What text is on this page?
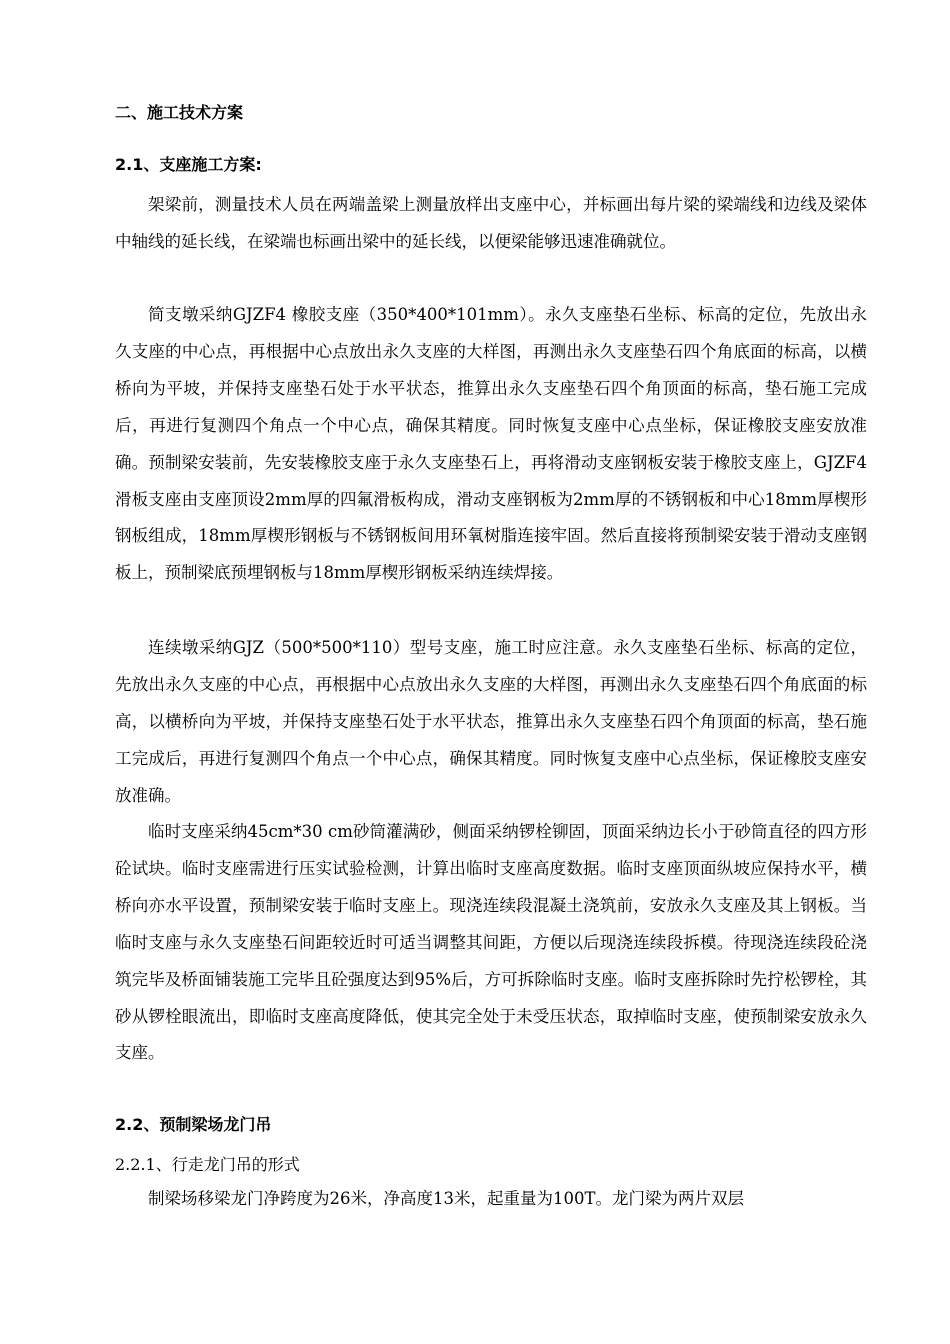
二、施工技术方案
2.1、支座施工方案:

架梁前，测量技术人员在两端盖梁上测量放样出支座中心，并标画出每片梁的梁端线和边线及梁体中轴线的延长线，在梁端也标画出梁中的延长线，以便梁能够迅速准确就位。

简支墩采纳GJZF4 橡胶支座（350*400*101mm）。永久支座垫石坐标、标高的定位，先放出永久支座的中心点，再根据中心点放出永久支座的大样图，再测出永久支座垫石四个角底面的标高，以横桥向为平坡，并保持支座垫石处于水平状态，推算出永久支座垫石四个角顶面的标高，垫石施工完成后，再进行复测四个角点一个中心点，确保其精度。同时恢复支座中心点坐标，保证橡胶支座安放准确。预制梁安装前，先安装橡胶支座于永久支座垫石上，再将滑动支座钢板安装于橡胶支座上，GJZF4滑板支座由支座顶设2mm厚的四氟滑板构成，滑动支座钢板为2mm厚的不锈钢板和中心18mm厚楔形钢板组成，18mm厚楔形钢板与不锈钢板间用环氧树脂连接牢固。然后直接将预制梁安装于滑动支座钢板上，预制梁底预埋钢板与18mm厚楔形钢板采纳连续焊接。

连续墩采纳GJZ（500*500*110）型号支座，施工时应注意。永久支座垫石坐标、标高的定位，先放出永久支座的中心点，再根据中心点放出永久支座的大样图，再测出永久支座垫石四个角底面的标高，以横桥向为平坡，并保持支座垫石处于水平状态，推算出永久支座垫石四个角顶面的标高，垫石施工完成后，再进行复测四个角点一个中心点，确保其精度。同时恢复支座中心点坐标，保证橡胶支座安放准确。

临时支座采纳45cm*30 cm砂筒灌满砂，侧面采纳锣栓铆固，顶面采纳边长小于砂筒直径的四方形砼试块。临时支座需进行压实试验检测，计算出临时支座高度数据。临时支座顶面纵坡应保持水平，横桥向亦水平设置，预制梁安装于临时支座上。现浇连续段混凝土浇筑前，安放永久支座及其上钢板。当临时支座与永久支座垫石间距较近时可适当调整其间距，方便以后现浇连续段拆模。待现浇连续段砼浇筑完毕及桥面铺装施工完毕且砼强度达到95%后，方可拆除临时支座。临时支座拆除时先拧松锣栓，其砂从锣栓眼流出，即临时支座高度降低，使其完全处于未受压状态，取掉临时支座，使预制梁安放永久支座。

2.2、预制梁场龙门吊
2.2.1、行走龙门吊的形式

制梁场移梁龙门净跨度为26米，净高度13米，起重量为100T。龙门梁为两片双层
